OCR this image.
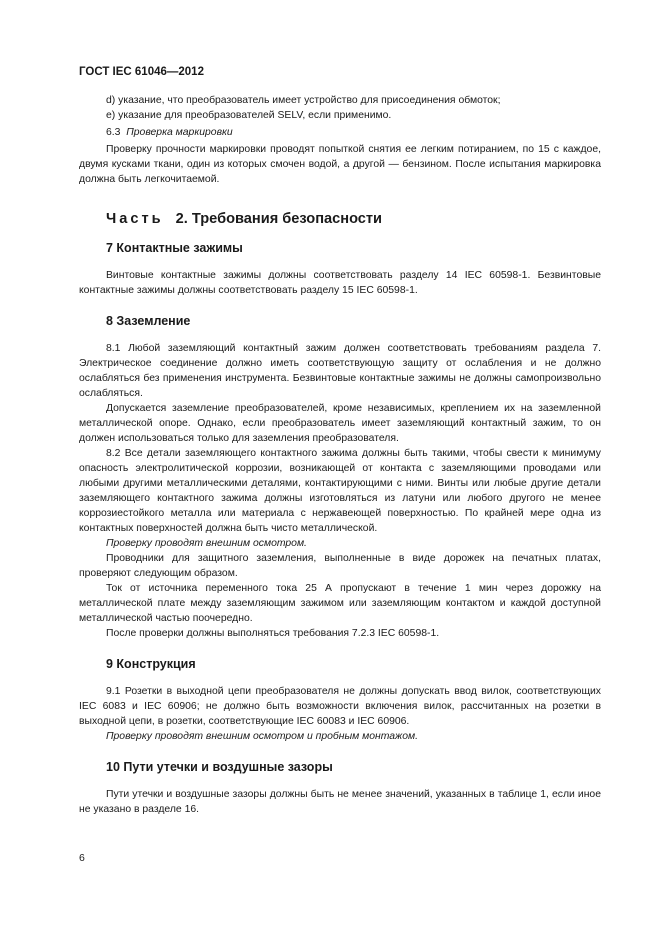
ГОСТ IEC 61046—2012

d) указание, что преобразователь имеет устройство для присоединения обмоток;

e) указание для преобразователей SELV, если применимо.

6.3 Проверка маркировки

Проверку прочности маркировки проводят попыткой снятия ее легким потиранием, по 15 с каждое, двумя кусками ткани, один из которых смочен водой, а другой — бензином. После испытания маркировка должна быть легкочитаемой.

Часть 2. Требования безопасности
7 Контактные зажимы

Винтовые контактные зажимы должны соответствовать разделу 14 IEC 60598-1. Безвинтовые контактные зажимы должны соответствовать разделу 15 IEC 60598-1.

8 Заземление

8.1 Любой заземляющий контактный зажим должен соответствовать требованиям раздела 7. Электрическое соединение должно иметь соответствующую защиту от ослабления и не должно ослабляться без применения инструмента. Безвинтовые контактные зажимы не должны самопроизвольно ослабляться.

Допускается заземление преобразователей, кроме независимых, креплением их на заземленной металлической опоре. Однако, если преобразователь имеет заземляющий контактный зажим, то он должен использоваться только для заземления преобразователя.

8.2 Все детали заземляющего контактного зажима должны быть такими, чтобы свести к минимуму опасность электролитической коррозии, возникающей от контакта с заземляющими проводами или любыми другими металлическими деталями, контактирующими с ними. Винты или любые другие детали заземляющего контактного зажима должны изготовляться из латуни или любого другого не менее коррозиестойкого металла или материала с нержавеющей поверхностью. По крайней мере одна из контактных поверхностей должна быть чисто металлической.

Проверку проводят внешним осмотром.

Проводники для защитного заземления, выполненные в виде дорожек на печатных платах, проверяют следующим образом.

Ток от источника переменного тока 25 А пропускают в течение 1 мин через дорожку на металлической плате между заземляющим зажимом или заземляющим контактом и каждой доступной металлической частью поочередно.

После проверки должны выполняться требования 7.2.3 IEC 60598-1.

9 Конструкция

9.1 Розетки в выходной цепи преобразователя не должны допускать ввод вилок, соответствующих IEC 6083 и IEC 60906; не должно быть возможности включения вилок, рассчитанных на розетки в выходной цепи, в розетки, соответствующие IEC 60083 и IEC 60906.

Проверку проводят внешним осмотром и пробным монтажом.

10 Пути утечки и воздушные зазоры

Пути утечки и воздушные зазоры должны быть не менее значений, указанных в таблице 1, если иное не указано в разделе 16.

6
